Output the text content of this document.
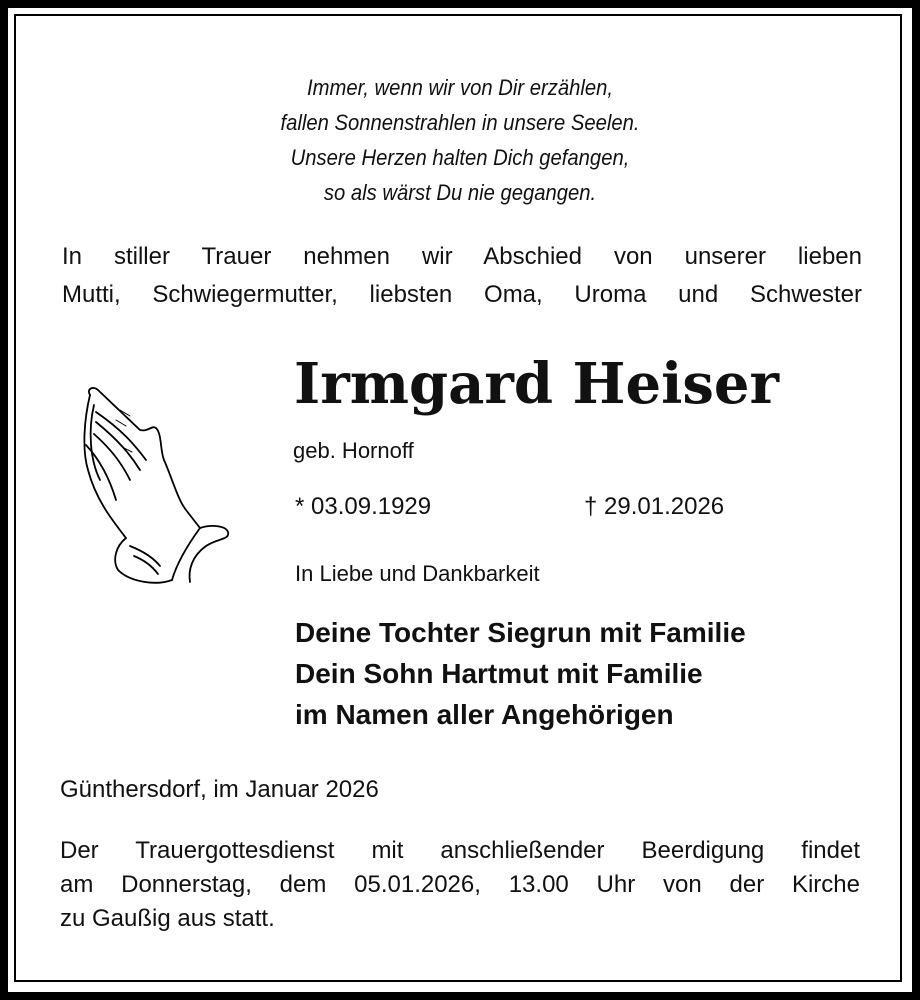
Immer, wenn wir von Dir erzählen,
fallen Sonnenstrahlen in unsere Seelen.
Unsere Herzen halten Dich gefangen,
so als wärst Du nie gegangen.
In stiller Trauer nehmen wir Abschied von unserer lieben
Mutti, Schwiegermutter, liebsten Oma, Uroma und Schwester
Irmgard Heiser
geb. Hornoff
* 03.09.1929	† 29.01.2026
In Liebe und Dankbarkeit
Deine Tochter Siegrun mit Familie
Dein Sohn Hartmut mit Familie
im Namen aller Angehörigen
Günthersdorf, im Januar 2026
Der Trauergottesdienst mit anschließender Beerdigung findet
am Donnerstag, dem 05.01.2026, 13.00 Uhr von der Kirche
zu Gaußig aus statt.
